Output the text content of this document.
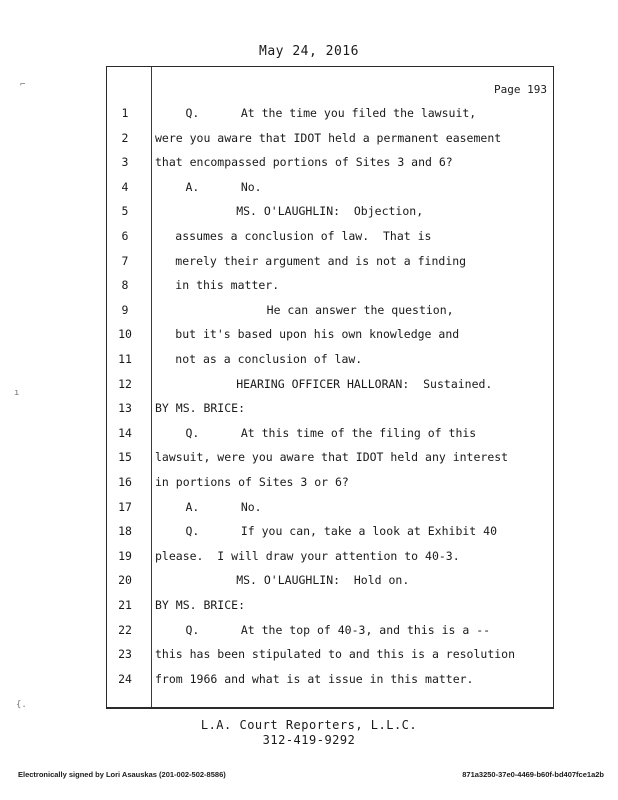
May 24, 2016
Page 193
1	Q.      At the time you filed the lawsuit,
2	were you aware that IDOT held a permanent easement
3	that encompassed portions of Sites 3 and 6?
4	A.      No.
5	MS. O'LAUGHLIN:  Objection,
6	assumes a conclusion of law.  That is
7	merely their argument and is not a finding
8	in this matter.
9	He can answer the question,
10	but it's based upon his own knowledge and
11	not as a conclusion of law.
12	HEARING OFFICER HALLORAN:  Sustained.
13	BY MS. BRICE:
14	Q.      At this time of the filing of this
15	lawsuit, were you aware that IDOT held any interest
16	in portions of Sites 3 or 6?
17	A.      No.
18	Q.      If you can, take a look at Exhibit 40
19	please.  I will draw your attention to 40-3.
20	MS. O'LAUGHLIN:  Hold on.
21	BY MS. BRICE:
22	Q.      At the top of 40-3, and this is a --
23	this has been stipulated to and this is a resolution
24	from 1966 and what is at issue in this matter.
L.A. Court Reporters, L.L.C.
312-419-9292
Electronically signed by Lori Asauskas (201-002-502-8586)	871a3250-37e0-4469-b60f-bd407fce1a2b
⌐
ı
{.
